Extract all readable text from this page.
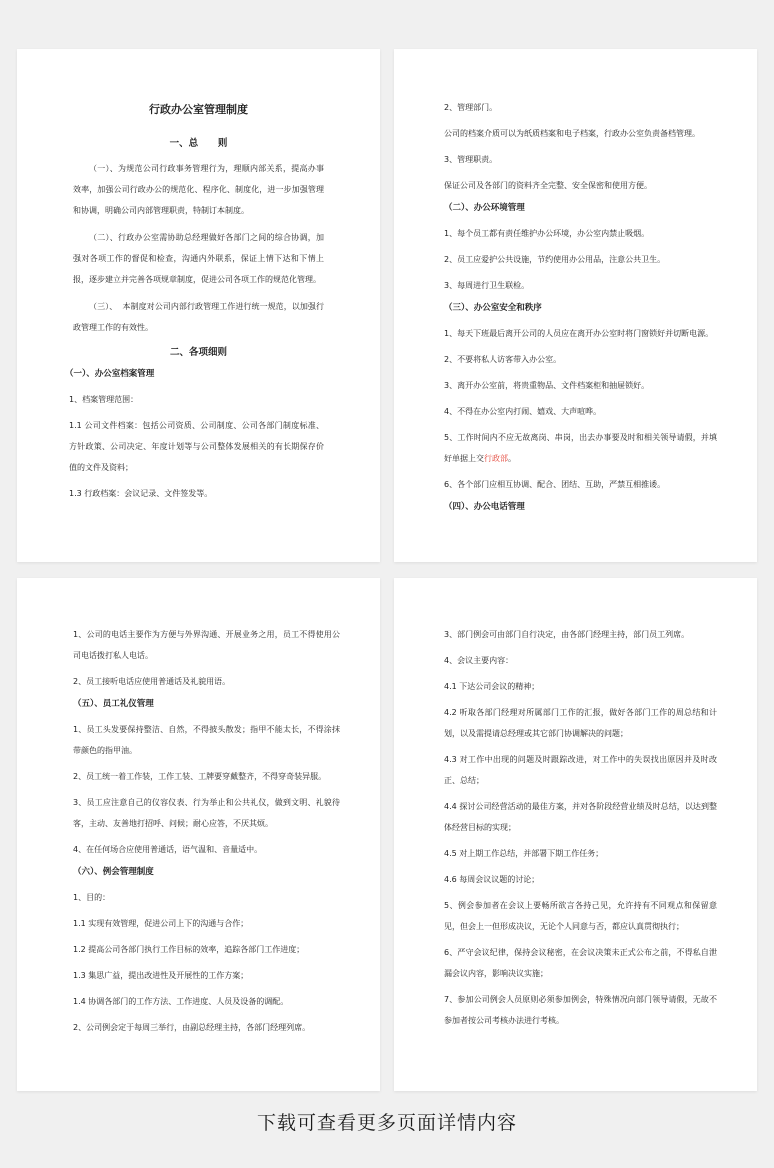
行政办公室管理制度
一、总      则

（一）、为规范公司行政事务管理行为，理顺内部关系，提高办事效率，加强公司行政办公的规范化、程序化、制度化，进一步加强管理和协调，明确公司内部管理职责，特制订本制度。

（二）、行政办公室需协助总经理做好各部门之间的综合协调，加强对各项工作的督促和检查，沟通内外联系，保证上情下达和下情上报，逐步建立并完善各项规章制度，促进公司各项工作的规范化管理。

（三）、  本制度对公司内部行政管理工作进行统一规范，以加强行政管理工作的有效性。

二、各项细则
（一）、办公室档案管理

1、档案管理范围：

1.1 公司文件档案：包括公司资质、公司制度、公司各部门制度标准、方针政策、公司决定、年度计划等与公司整体发展相关的有长期保存价值的文件及资料；

1.3 行政档案：会议记录、文件签发等。

2、管理部门。

公司的档案介质可以为纸质档案和电子档案，行政办公室负责备档管理。

3、管理职责。

保证公司及各部门的资料齐全完整、安全保密和使用方便。

（二）、办公环境管理

1、每个员工都有责任维护办公环境，办公室内禁止吸烟。

2、员工应爱护公共设施，节约使用办公用品，注意公共卫生。

3、每周进行卫生联检。

（三）、办公室安全和秩序

1、每天下班最后离开公司的人员应在离开办公室时将门窗锁好并切断电源。

2、不要将私人访客带入办公室。

3、离开办公室前，将贵重物品、文件档案柜和抽屉锁好。

4、不得在办公室内打闹、嬉戏、大声喧哗。

5、工作时间内不应无故离岗、串岗，出去办事要及时和相关领导请假，并填好单据上交行政部。

6、各个部门应相互协调、配合、团结、互助，严禁互相推诿。

（四）、办公电话管理

1、公司的电话主要作为方便与外界沟通、开展业务之用，员工不得使用公司电话拨打私人电话。

2、员工接听电话应使用普通话及礼貌用语。

（五）、员工礼仪管理

1、员工头发要保持整洁、自然，不得披头散发；指甲不能太长，不得涂抹带颜色的指甲油。

2、员工统一着工作装，工作工装、工牌要穿戴整齐，不得穿奇装异服。

3、员工应注意自己的仪容仪表、行为举止和公共礼仪，做到文明、礼貌待客，主动、友善地打招呼、问候；耐心应答，不厌其烦。

4、在任何场合应使用普通话，语气温和、音量适中。

（六）、例会管理制度

1、目的：

1.1 实现有效管理，促进公司上下的沟通与合作；

1.2 提高公司各部门执行工作目标的效率，追踪各部门工作进度；

1.3 集思广益，提出改进性及开展性的工作方案；

1.4 协调各部门的工作方法、工作进度、人员及设备的调配。

2、公司例会定于每周三举行，由副总经理主持，各部门经理列席。

3、部门例会可由部门自行决定，由各部门经理主持，部门员工列席。

4、会议主要内容：

4.1 下达公司会议的精神；

4.2 听取各部门经理对所属部门工作的汇报，做好各部门工作的周总结和计划，以及需提请总经理或其它部门协调解决的问题；

4.3 对工作中出现的问题及时跟踪改进，对工作中的失误找出原因并及时改正、总结；

4.4 探讨公司经营活动的最佳方案，并对各阶段经营业绩及时总结，以达到整体经营目标的实现；

4.5 对上期工作总结，并部署下期工作任务；

4.6 每周会议议题的讨论；

5、例会参加者在会议上要畅所欲言各持己见，允许持有不同观点和保留意见，但会上一但形成决议，无论个人同意与否，都应认真贯彻执行；

6、严守会议纪律，保持会议秘密，在会议决策未正式公布之前，不得私自泄漏会议内容，影响决议实施；

7、参加公司例会人员原则必须参加例会，特殊情况向部门领导请假，无故不参加者按公司考核办法进行考核。

下载可查看更多页面详情内容
